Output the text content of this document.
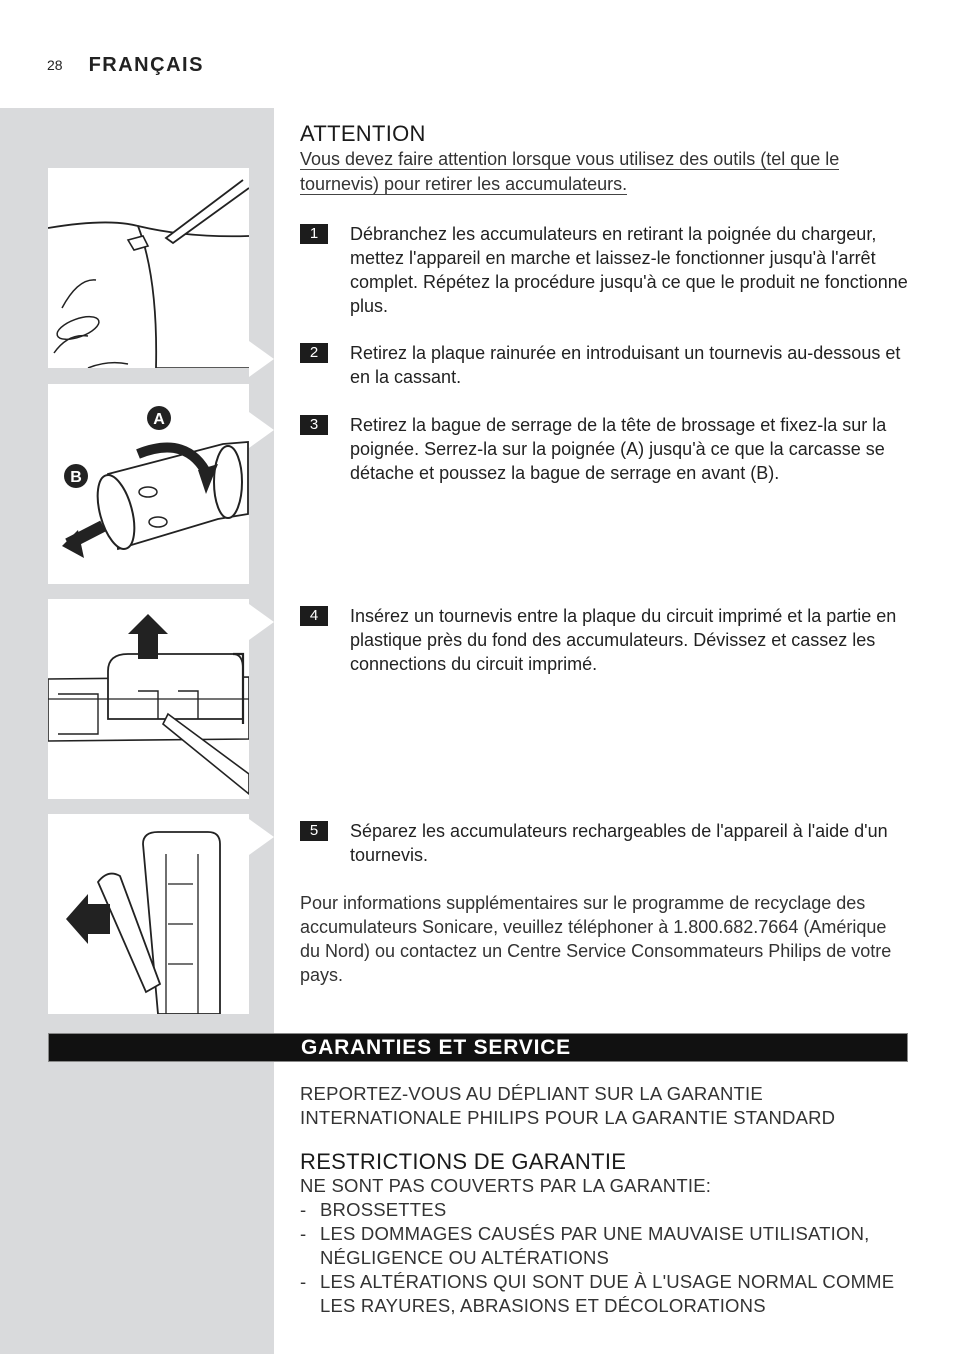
28 FRANÇAIS
A
B
ATTENTION
Vous devez faire attention lorsque vous utilisez des outils (tel que le tournevis) pour retirer les accumulateurs.
1	Débranchez les accumulateurs en retirant la poignée du chargeur, mettez l'appareil en marche et laissez-le fonctionner jusqu'à l'arrêt complet. Répétez la procédure jusqu'à ce que le produit ne fonctionne plus.
2	Retirez la plaque rainurée en introduisant un tournevis au-dessous et en la cassant.
3	Retirez la bague de serrage de la tête de brossage et fixez-la sur la poignée. Serrez-la sur la poignée (A) jusqu'à ce que la carcasse se détache et poussez la bague de serrage en avant (B).
4	Insérez un tournevis entre la plaque du circuit imprimé et la partie en plastique près du fond des accumulateurs. Dévissez et cassez les connections du circuit imprimé.
5	Séparez les accumulateurs rechargeables de l'appareil à l'aide d'un tournevis.
Pour informations supplémentaires sur le programme de recyclage des accumulateurs Sonicare, veuillez téléphoner à 1.800.682.7664 (Amérique du Nord) ou contactez un Centre Service Consommateurs Philips de votre pays.
GARANTIES ET SERVICE
REPORTEZ-VOUS AU DÉPLIANT SUR LA GARANTIE INTERNATIONALE PHILIPS POUR LA GARANTIE STANDARD
RESTRICTIONS DE GARANTIE
NE SONT PAS COUVERTS PAR LA GARANTIE:
- BROSSETTES
- LES DOMMAGES CAUSÉS PAR UNE MAUVAISE UTILISATION, NÉGLIGENCE OU ALTÉRATIONS
- LES ALTÉRATIONS QUI SONT DUE À L'USAGE NORMAL COMME LES RAYURES, ABRASIONS ET DÉCOLORATIONS
